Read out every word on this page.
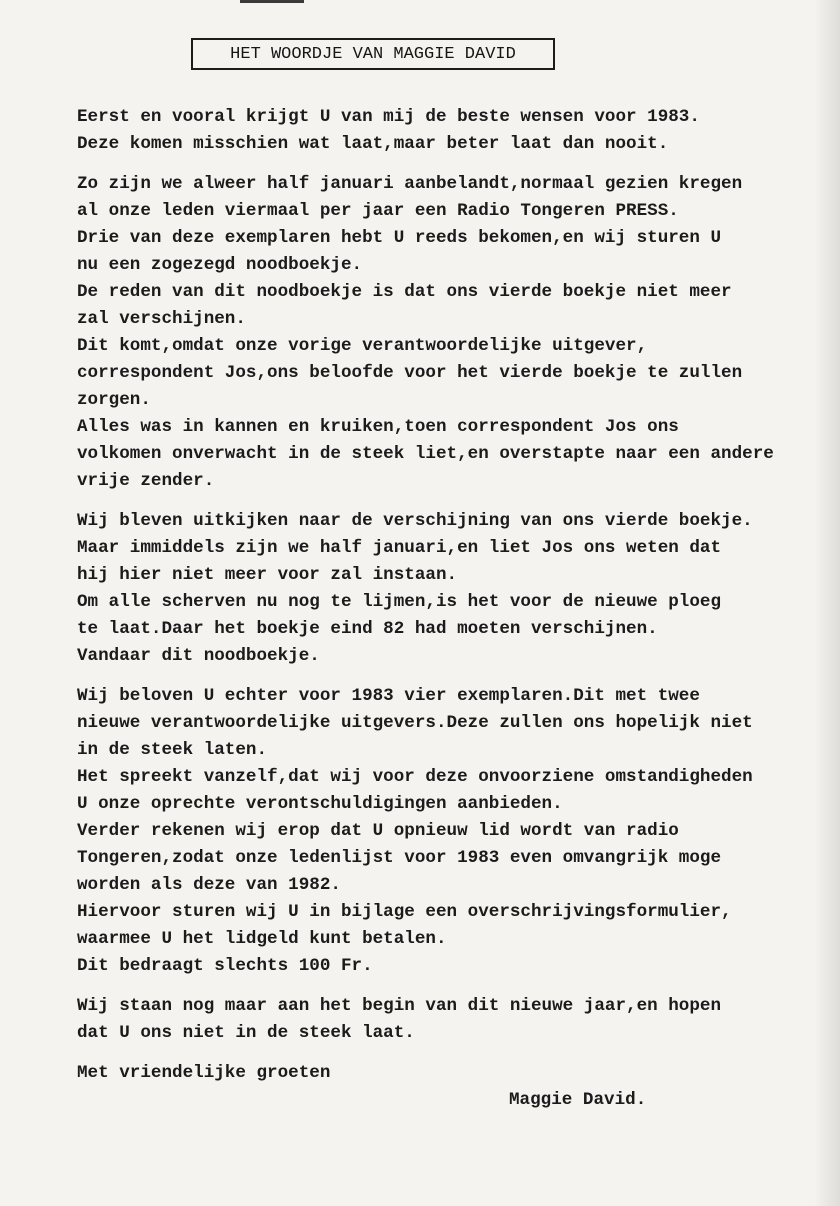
HET WOORDJE VAN MAGGIE DAVID
Eerst en vooral krijgt U van mij de beste wensen voor 1983.
Deze komen misschien wat laat,maar beter laat dan nooit.
Zo zijn we alweer half januari aanbelandt,normaal gezien kregen
al onze leden viermaal per jaar een Radio Tongeren PRESS.
Drie van deze exemplaren hebt U reeds bekomen,en wij sturen U
nu een zogezegd noodboekje.
De reden van dit noodboekje is dat ons vierde boekje niet meer
zal verschijnen.
Dit komt,omdat onze vorige verantwoordelijke uitgever,
correspondent Jos,ons beloofde voor het vierde boekje te zullen
zorgen.
Alles was in kannen en kruiken,toen correspondent Jos ons
volkomen onverwacht in de steek liet,en overstapte naar een andere
vrije zender.
Wij bleven uitkijken naar de verschijning van ons vierde boekje.
Maar immiddels zijn we half januari,en liet Jos ons weten dat
hij hier niet meer voor zal instaan.
Om alle scherven nu nog te lijmen,is het voor de nieuwe ploeg
te laat.Daar het boekje eind 82 had moeten verschijnen.
Vandaar dit noodboekje.
Wij beloven U echter voor 1983 vier exemplaren.Dit met twee
nieuwe verantwoordelijke uitgevers.Deze zullen ons hopelijk niet
in de steek laten.
Het spreekt vanzelf,dat wij voor deze onvoorziene omstandigheden
U onze oprechte verontschuldigingen aanbieden.
Verder rekenen wij erop dat U opnieuw lid wordt van radio
Tongeren,zodat onze ledenlijst voor 1983 even omvangrijk moge
worden als deze van 1982.
Hiervoor sturen wij U in bijlage een overschrijvingsformulier,
waarmee U het lidgeld kunt betalen.
Dit bedraagt slechts 100 Fr.
Wij staan nog maar aan het begin van dit nieuwe jaar,en hopen
dat U ons niet in de steek laat.
Met vriendelijke groeten
Maggie David.
